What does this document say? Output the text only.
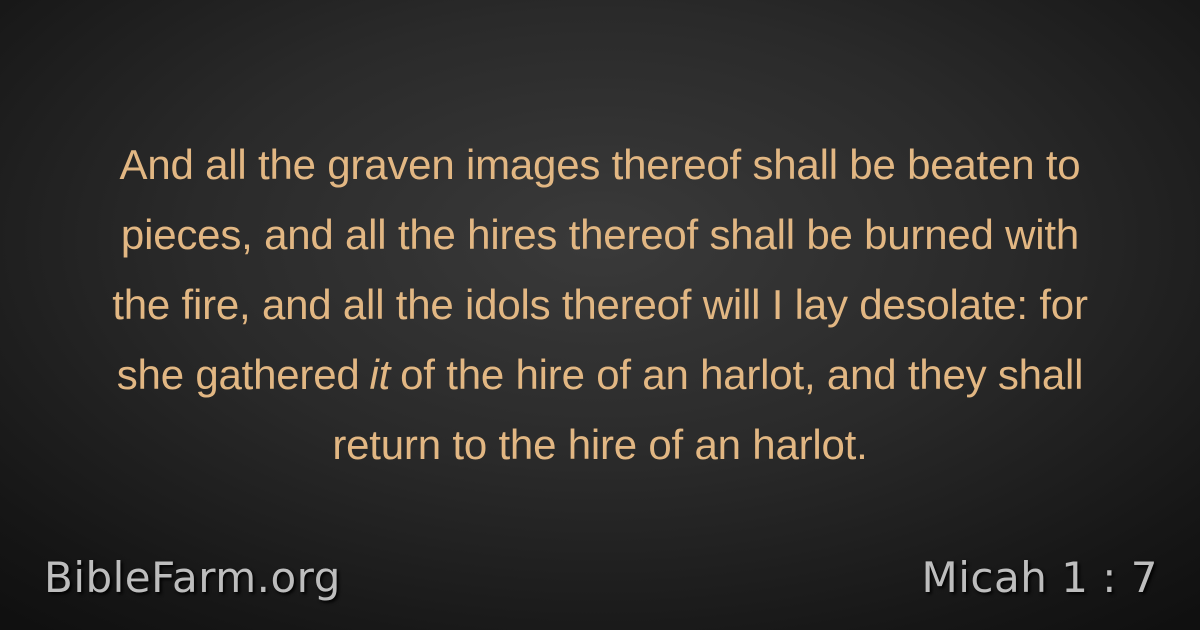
And all the graven images thereof shall be beaten to
pieces, and all the hires thereof shall be burned with
the fire, and all the idols thereof will I lay desolate: for
she gathered it of the hire of an harlot, and they shall
return to the hire of an harlot.

BibleFarm.org	Micah 1 : 7
